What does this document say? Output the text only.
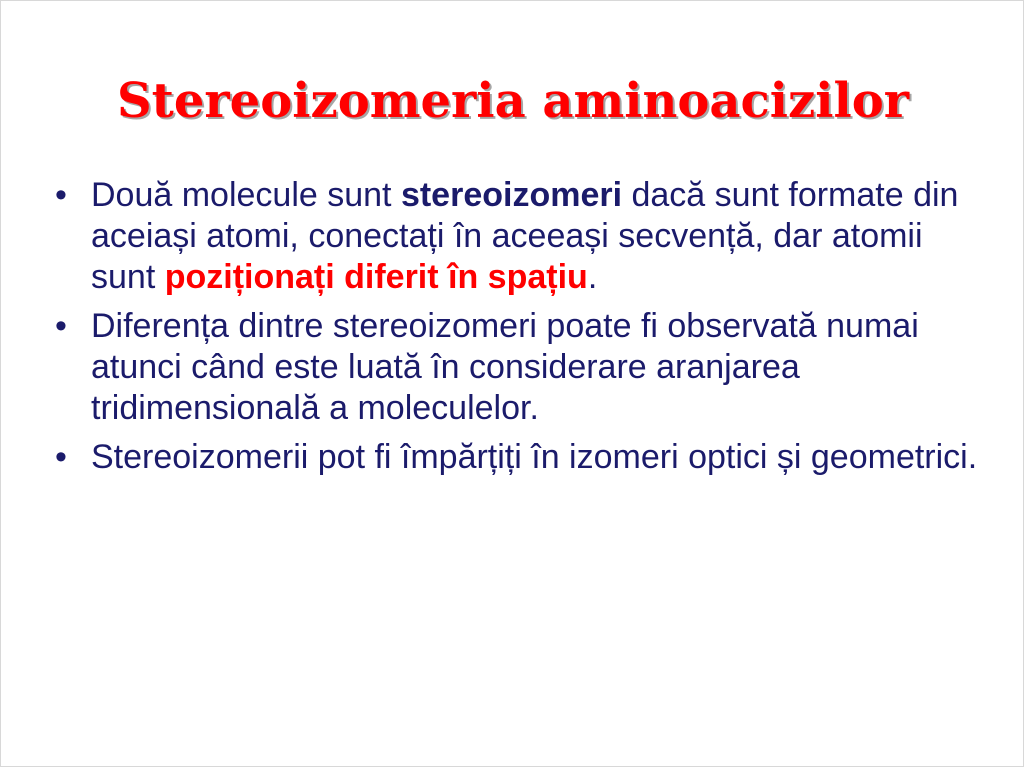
Stereoizomeria aminoacizilor
• Două molecule sunt stereoizomeri dacă sunt formate din aceiași atomi, conectați în aceeași secvență, dar atomii sunt poziționați diferit în spațiu.
• Diferența dintre stereoizomeri poate fi observată numai atunci când este luată în considerare aranjarea tridimensională a moleculelor.
• Stereoizomerii pot fi împărțiți în izomeri optici și geometrici.
